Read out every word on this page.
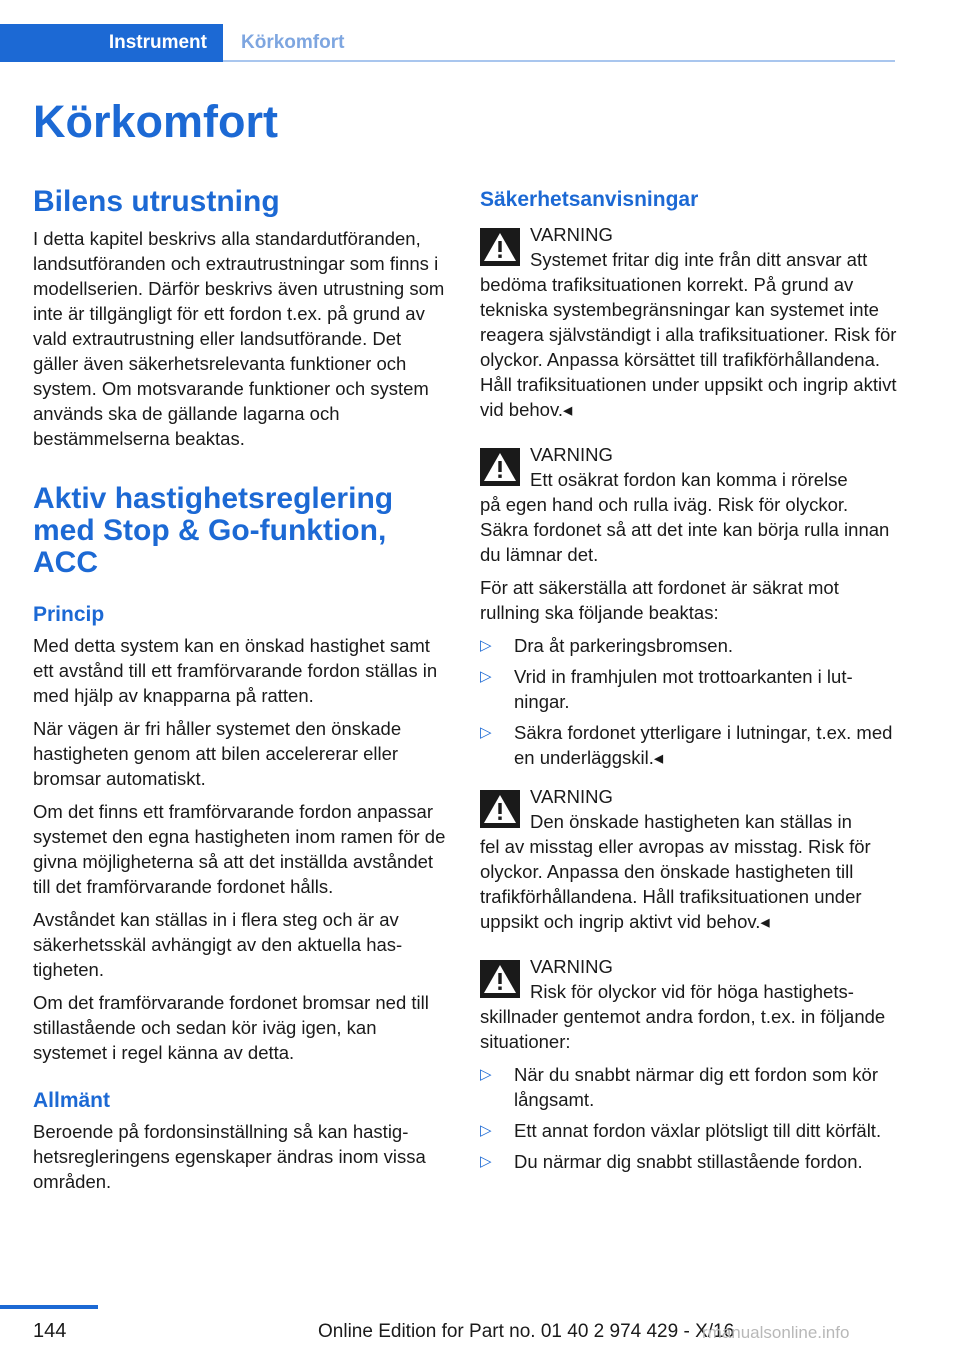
Instrument	Körkomfort
Körkomfort
Bilens utrustning

I detta kapitel beskrivs alla standardutföranden, landsutföranden och extrautrustningar som finns i modellserien. Därför beskrivs även utrustning som inte är tillgängligt för ett fordon t.ex. på grund av vald extrautrustning eller landsutförande. Det gäller även säkerhetsrelevanta funktioner och system. Om motsvarande funktioner och system används ska de gällande lagarna och bestämmelserna beaktas.

Aktiv hastighetsreglering med Stop & Go-funktion, ACC
Princip

Med detta system kan en önskad hastighet samt ett avstånd till ett framförvarande fordon ställas in med hjälp av knapparna på ratten.

När vägen är fri håller systemet den önskade hastigheten genom att bilen accelererar eller bromsar automatiskt.

Om det finns ett framförvarande fordon anpassar systemet den egna hastigheten inom ramen för de givna möjligheterna så att det inställda avståndet till det framförvarande fordonet hålls.

Avståndet kan ställas in i flera steg och är av säkerhetsskäl avhängigt av den aktuella hastigheten.

Om det framförvarande fordonet bromsar ned till stillastående och sedan kör iväg igen, kan systemet i regel känna av detta.

Allmänt

Beroende på fordonsinställning så kan hastighetsregleringens egenskaper ändras inom vissa områden.

Säkerhetsanvisningar
VARNING
Systemet fritar dig inte från ditt ansvar att
bedöma trafiksituationen korrekt. På grund av tekniska systembegränsningar kan systemet inte reagera självständigt i alla trafiksituationer. Risk för olyckor. Anpassa körsättet till trafikförhållandena. Håll trafiksituationen under uppsikt och ingrip aktivt vid behov.◂
VARNING
Ett osäkrat fordon kan komma i rörelse
på egen hand och rulla iväg. Risk för olyckor. Säkra fordonet så att det inte kan börja rulla innan du lämnar det.

För att säkerställa att fordonet är säkrat mot rullning ska följande beaktas:

▷ Dra åt parkeringsbromsen.
▷ Vrid in framhjulen mot trottoarkanten i lutningar.
▷ Säkra fordonet ytterligare i lutningar, t.ex. med en underläggskil.◂
VARNING
Den önskade hastigheten kan ställas in
fel av misstag eller avropas av misstag. Risk för olyckor. Anpassa den önskade hastigheten till trafikförhållandena. Håll trafiksituationen under uppsikt och ingrip aktivt vid behov.◂
VARNING
Risk för olyckor vid för höga hastighets-
skillnader gentemot andra fordon, t.ex. in följande situationer:
▷ När du snabbt närmar dig ett fordon som kör långsamt.
▷ Ett annat fordon växlar plötsligt till ditt körfält.
▷ Du närmar dig snabbt stillastående fordon.
144	Online Edition for Part no. 01 40 2 974 429 - X/16
rmanualsonline.info
